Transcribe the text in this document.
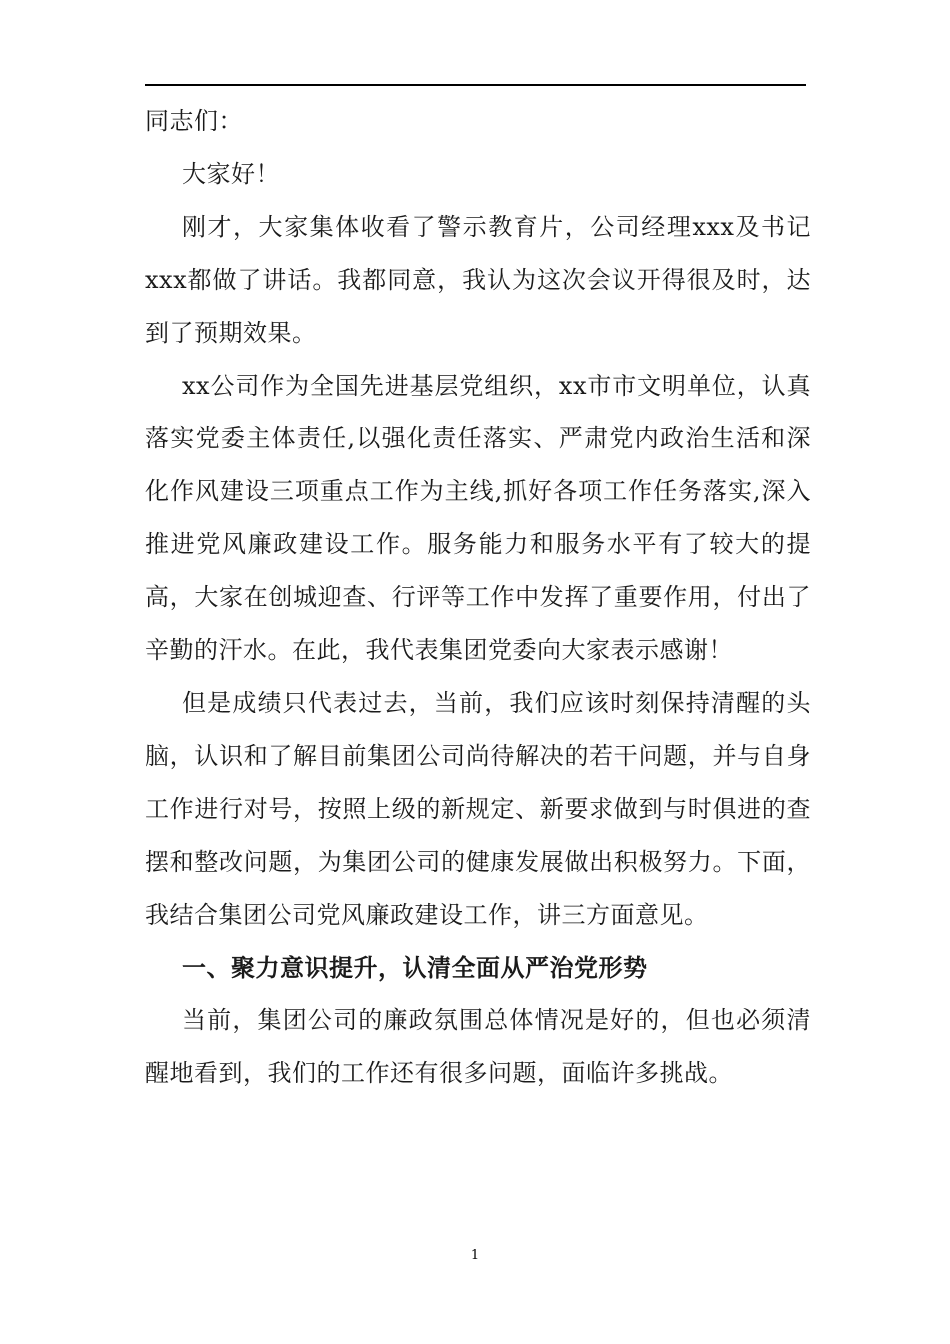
同志们：

大家好！

刚才，大家集体收看了警示教育片，公司经理xxx及书记xxx都做了讲话。我都同意，我认为这次会议开得很及时，达到了预期效果。

xx公司作为全国先进基层党组织，xx市市文明单位，认真落实党委主体责任,以强化责任落实、严肃党内政治生活和深化作风建设三项重点工作为主线,抓好各项工作任务落实,深入推进党风廉政建设工作。服务能力和服务水平有了较大的提高，大家在创城迎查、行评等工作中发挥了重要作用，付出了辛勤的汗水。在此，我代表集团党委向大家表示感谢！

但是成绩只代表过去，当前，我们应该时刻保持清醒的头脑，认识和了解目前集团公司尚待解决的若干问题，并与自身工作进行对号，按照上级的新规定、新要求做到与时俱进的查摆和整改问题，为集团公司的健康发展做出积极努力。下面，我结合集团公司党风廉政建设工作，讲三方面意见。

一、聚力意识提升，认清全面从严治党形势

当前，集团公司的廉政氛围总体情况是好的，但也必须清醒地看到，我们的工作还有很多问题，面临许多挑战。

1
